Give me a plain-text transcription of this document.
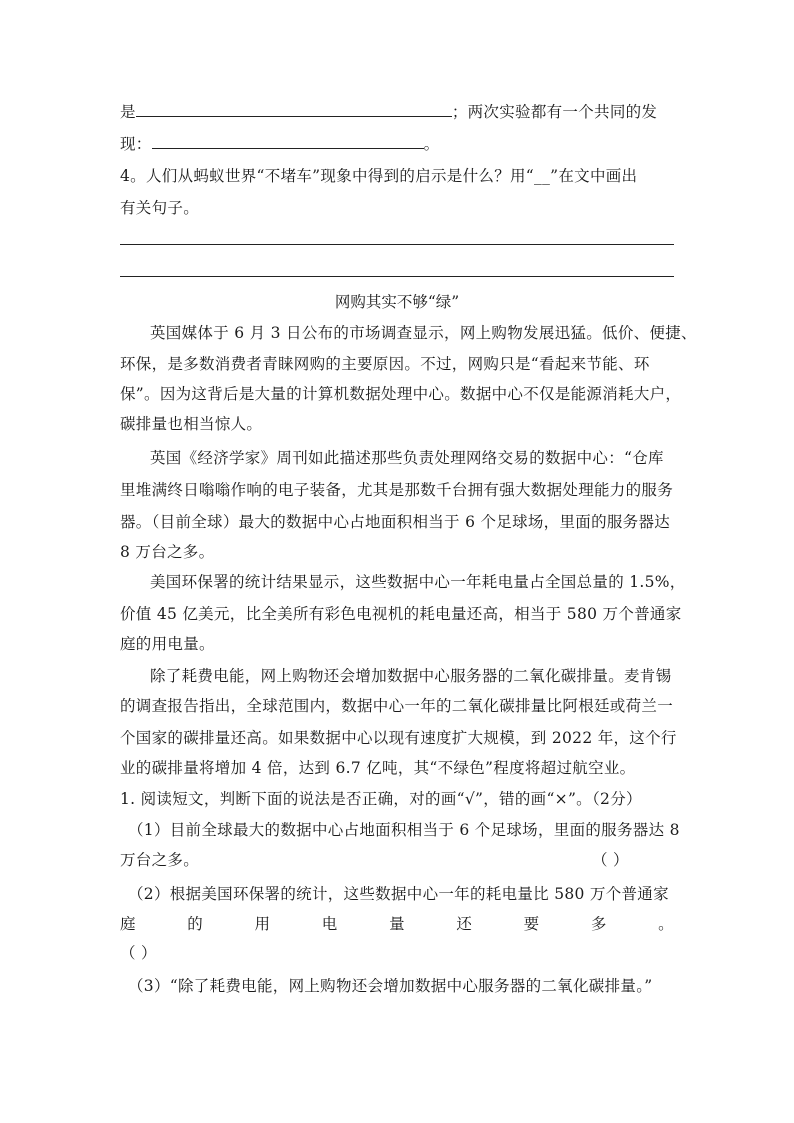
是	；两次实验都有一个共同的发
现：	。
4。人们从蚂蚁世界“不堵车”现象中得到的启示是什么？用“__”在文中画出
有关句子。
网购其实不够“绿”
英国媒体于 6 月 3 日公布的市场调查显示，网上购物发展迅猛。低价、便捷、
环保，是多数消费者青睐网购的主要原因。不过，网购只是“看起来节能、环
保”。因为这背后是大量的计算机数据处理中心。数据中心不仅是能源消耗大户，
碳排量也相当惊人。
英国《经济学家》周刊如此描述那些负责处理网络交易的数据中心：“仓库
里堆满终日嗡嗡作响的电子装备，尤其是那数千台拥有强大数据处理能力的服务
器。（目前全球）最大的数据中心占地面积相当于 6 个足球场，里面的服务器达
8 万台之多。
美国环保署的统计结果显示，这些数据中心一年耗电量占全国总量的 1.5%，
价值 45 亿美元，比全美所有彩色电视机的耗电量还高，相当于 580 万个普通家
庭的用电量。
除了耗费电能，网上购物还会增加数据中心服务器的二氧化碳排量。麦肯锡
的调查报告指出，全球范围内，数据中心一年的二氧化碳排量比阿根廷或荷兰一
个国家的碳排量还高。如果数据中心以现有速度扩大规模，到 2022 年，这个行
业的碳排量将增加 4 倍，达到 6.7 亿吨，其“不绿色”程度将超过航空业。
1. 阅读短文，判断下面的说法是否正确，对的画“√”，错的画“×”。（2分）
（1）目前全球最大的数据中心占地面积相当于 6 个足球场，里面的服务器达 8
万台之多。	（ ）
（2）根据美国环保署的统计，这些数据中心一年的耗电量比 580 万个普通家
庭	的	用	电	量	还	要	多	。
（ ）
（3）“除了耗费电能，网上购物还会增加数据中心服务器的二氧化碳排量。”
